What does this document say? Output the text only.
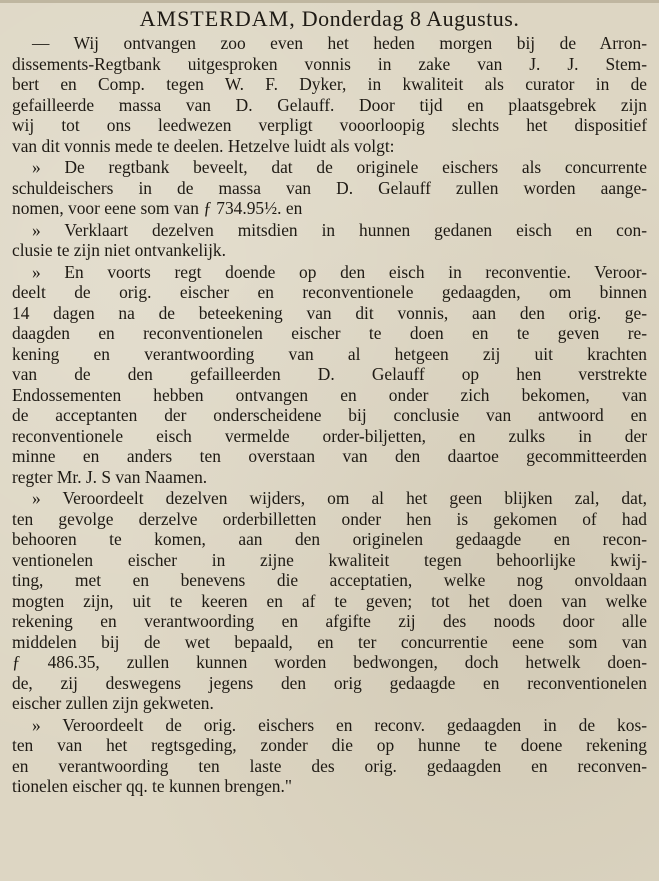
AMSTERDAM, Donderdag 8 Augustus.
— Wij ontvangen zoo even het heden morgen bij de Arron-
dissements-Regtbank uitgesproken vonnis in zake van J. J. Stem-
bert en Comp. tegen W. F. Dyker, in kwaliteit als curator in de
gefailleerde massa van D. Gelauff. Door tijd en plaatsgebrek zijn
wij tot ons leedwezen verpligt vooorloopig slechts het dispositief
van dit vonnis mede te deelen. Hetzelve luidt als volgt:
» De regtbank beveelt, dat de originele eischers als concurrente
schuldeischers in de massa van D. Gelauff zullen worden aange-
nomen, voor eene som van ƒ 734.95½. en
» Verklaart dezelven mitsdien in hunnen gedanen eisch en con-
clusie te zijn niet ontvankelijk.
» En voorts regt doende op den eisch in reconventie. Veroor-
deelt de orig. eischer en reconventionele gedaagden, om binnen
14 dagen na de beteekening van dit vonnis, aan den orig. ge-
daagden en reconventionelen eischer te doen en te geven re-
kening en verantwoording van al hetgeen zij uit krachten
van de den gefailleerden D. Gelauff op hen verstrekte
Endossementen hebben ontvangen en onder zich bekomen, van
de acceptanten der onderscheidene bij conclusie van antwoord en
reconventionele eisch vermelde order-biljetten, en zulks in der
minne en anders ten overstaan van den daartoe gecommitteerden
regter Mr. J. S van Naamen.
» Veroordeelt dezelven wijders, om al het geen blijken zal, dat,
ten gevolge derzelve orderbilletten onder hen is gekomen of had
behooren te komen, aan den originelen gedaagde en recon-
ventionelen eischer in zijne kwaliteit tegen behoorlijke kwij-
ting, met en benevens die acceptatien, welke nog onvoldaan
mogten zijn, uit te keeren en af te geven; tot het doen van welke
rekening en verantwoording en afgifte zij des noods door alle
middelen bij de wet bepaald, en ter concurrentie eene som van
ƒ 486.35, zullen kunnen worden bedwongen, doch hetwelk doen-
de, zij deswegens jegens den orig gedaagde en reconventionelen
eischer zullen zijn gekweten.
» Veroordeelt de orig. eischers en reconv. gedaagden in de kos-
ten van het regtsgeding, zonder die op hunne te doene rekening
en verantwoording ten laste des orig. gedaagden en reconven-
tionelen eischer qq. te kunnen brengen."
